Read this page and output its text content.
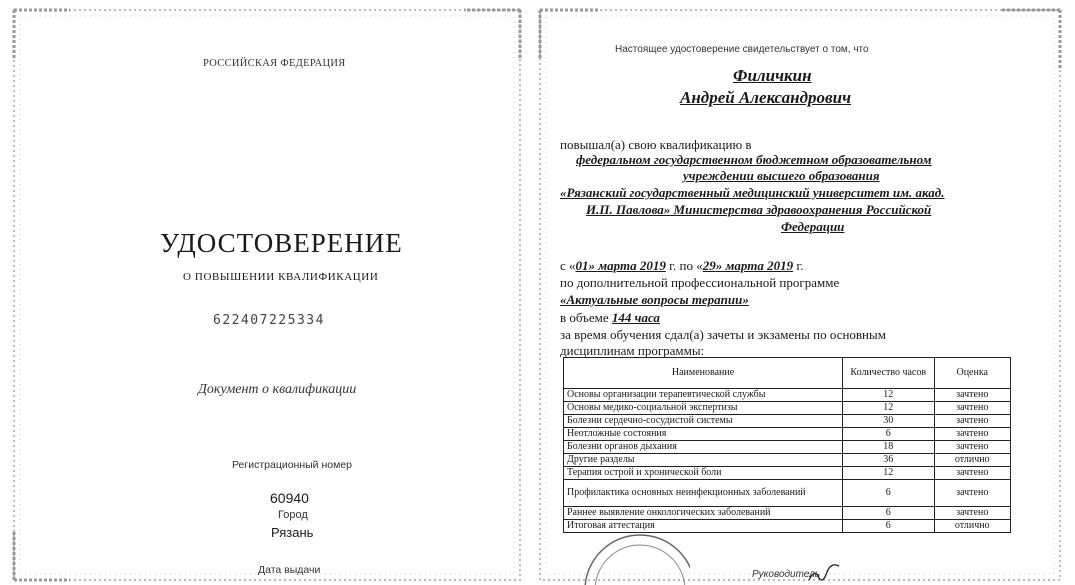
РОССИЙСКАЯ ФЕДЕРАЦИЯ
УДОСТОВЕРЕНИЕ
О ПОВЫШЕНИИ КВАЛИФИКАЦИИ
622407225334
Документ о квалификации
Регистрационный номер
60940
Город
Рязань
Дата выдачи
Настоящее удостоверение свидетельствует о том, что
Филичкин
Андрей Александрович
повышал(а) свою квалификацию в
федеральном государственном бюджетном образовательном
учреждении высшего образования
«Рязанский государственный медицинский университет им. акад.
И.П. Павлова» Министерства здравоохранения Российской
Федерации
с «01» марта 2019 г. по «29» марта 2019 г.
по дополнительной профессиональной программе
«Актуальные вопросы терапии»
в объеме 144 часа
за время обучения сдал(а) зачеты и экзамены по основным
дисциплинам программы:
Наименование	Количество часов	Оценка
Основы организации терапевтической службы	12	зачтено
Основы медико-социальной экспертизы	12	зачтено
Болезни сердечно-сосудистой системы	30	зачтено
Неотложные состояния	6	зачтено
Болезни органов дыхания	18	зачтено
Другие разделы	36	отлично
Терапия острой и хронической боли	12	зачтено
Профилактика основных неинфекционных заболеваний	6	зачтено
Раннее выявление онкологических заболеваний	6	зачтено
Итоговая аттестация	6	отлично
Руководитель
